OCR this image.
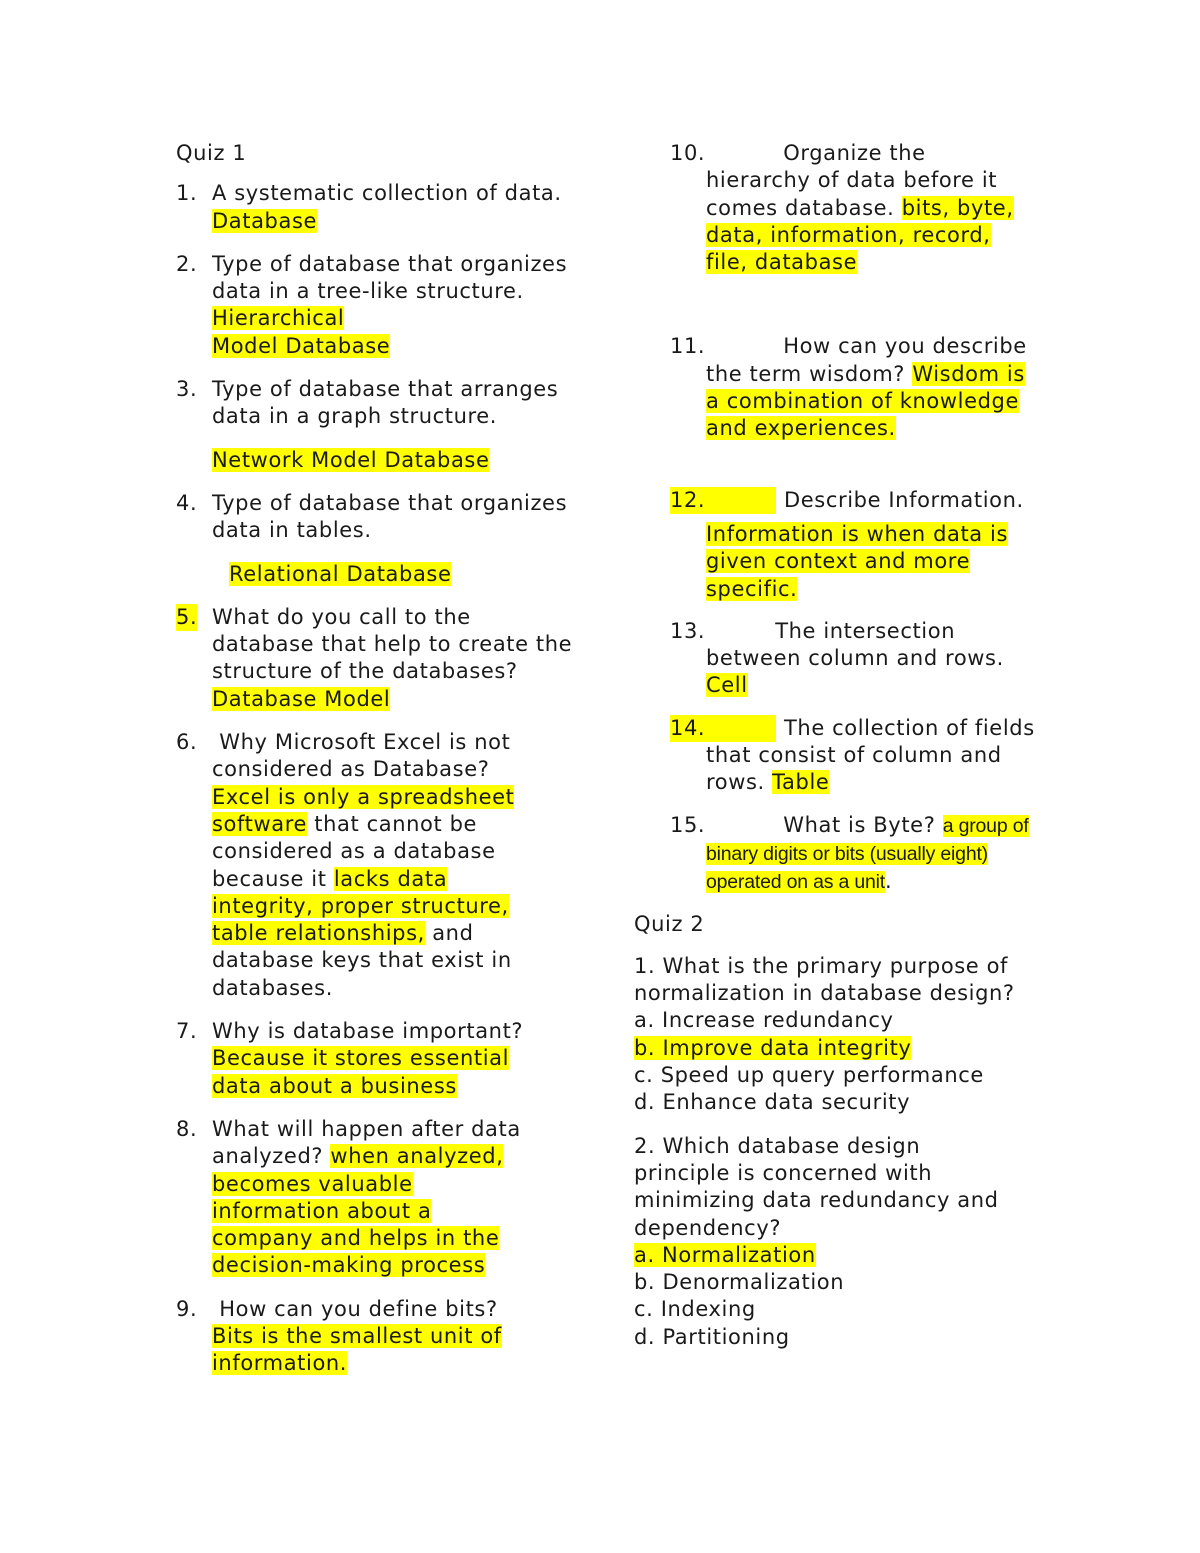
Quiz 1

1. A systematic collection of data.  Database

2. Type of database that organizes data in a tree-like structure. Hierarchical
Model Database

3. Type of database that arranges data in a graph structure.

Network Model Database

4. Type of database that organizes data in tables.

Relational Database

5. What do you call to the
database that help to create the structure of the databases? Database Model

6.	Why Microsoft Excel is not considered as Database?
Excel is only a spreadsheet
software that cannot be considered as a database because it lacks data
integrity, proper structure,
table relationships, and database keys that exist in databases.

7. Why is database important?
Because it stores essential
data about a business

8. What will happen after data analyzed? when analyzed,
becomes valuable
information about a
company and helps in the
decision-making process

9.	How can you define bits?
Bits is the smallest unit of
information.

10.	Organize the

hierarchy of data before it

comes database. bits, byte,

data, information, record,

file, database

11.	How can you describe

the term wisdom? Wisdom is

a combination of knowledge

and experiences.

12.	Describe Information.

Information is when data is

given context and more

specific.

13.	The intersection

between column and rows.

Cell

14.	The collection of fields

that consist of column and

rows. Table

15.	What is Byte? a group of

binary digits or bits (usually eight)

operated on as a unit.

Quiz 2

1. What is the primary purpose of

normalization in database design?

a. Increase redundancy

b. Improve data integrity

c. Speed up query performance

d. Enhance data security

2. Which database design

principle is concerned with

minimizing data redundancy and

dependency?

a. Normalization

b. Denormalization

c. Indexing

d. Partitioning
